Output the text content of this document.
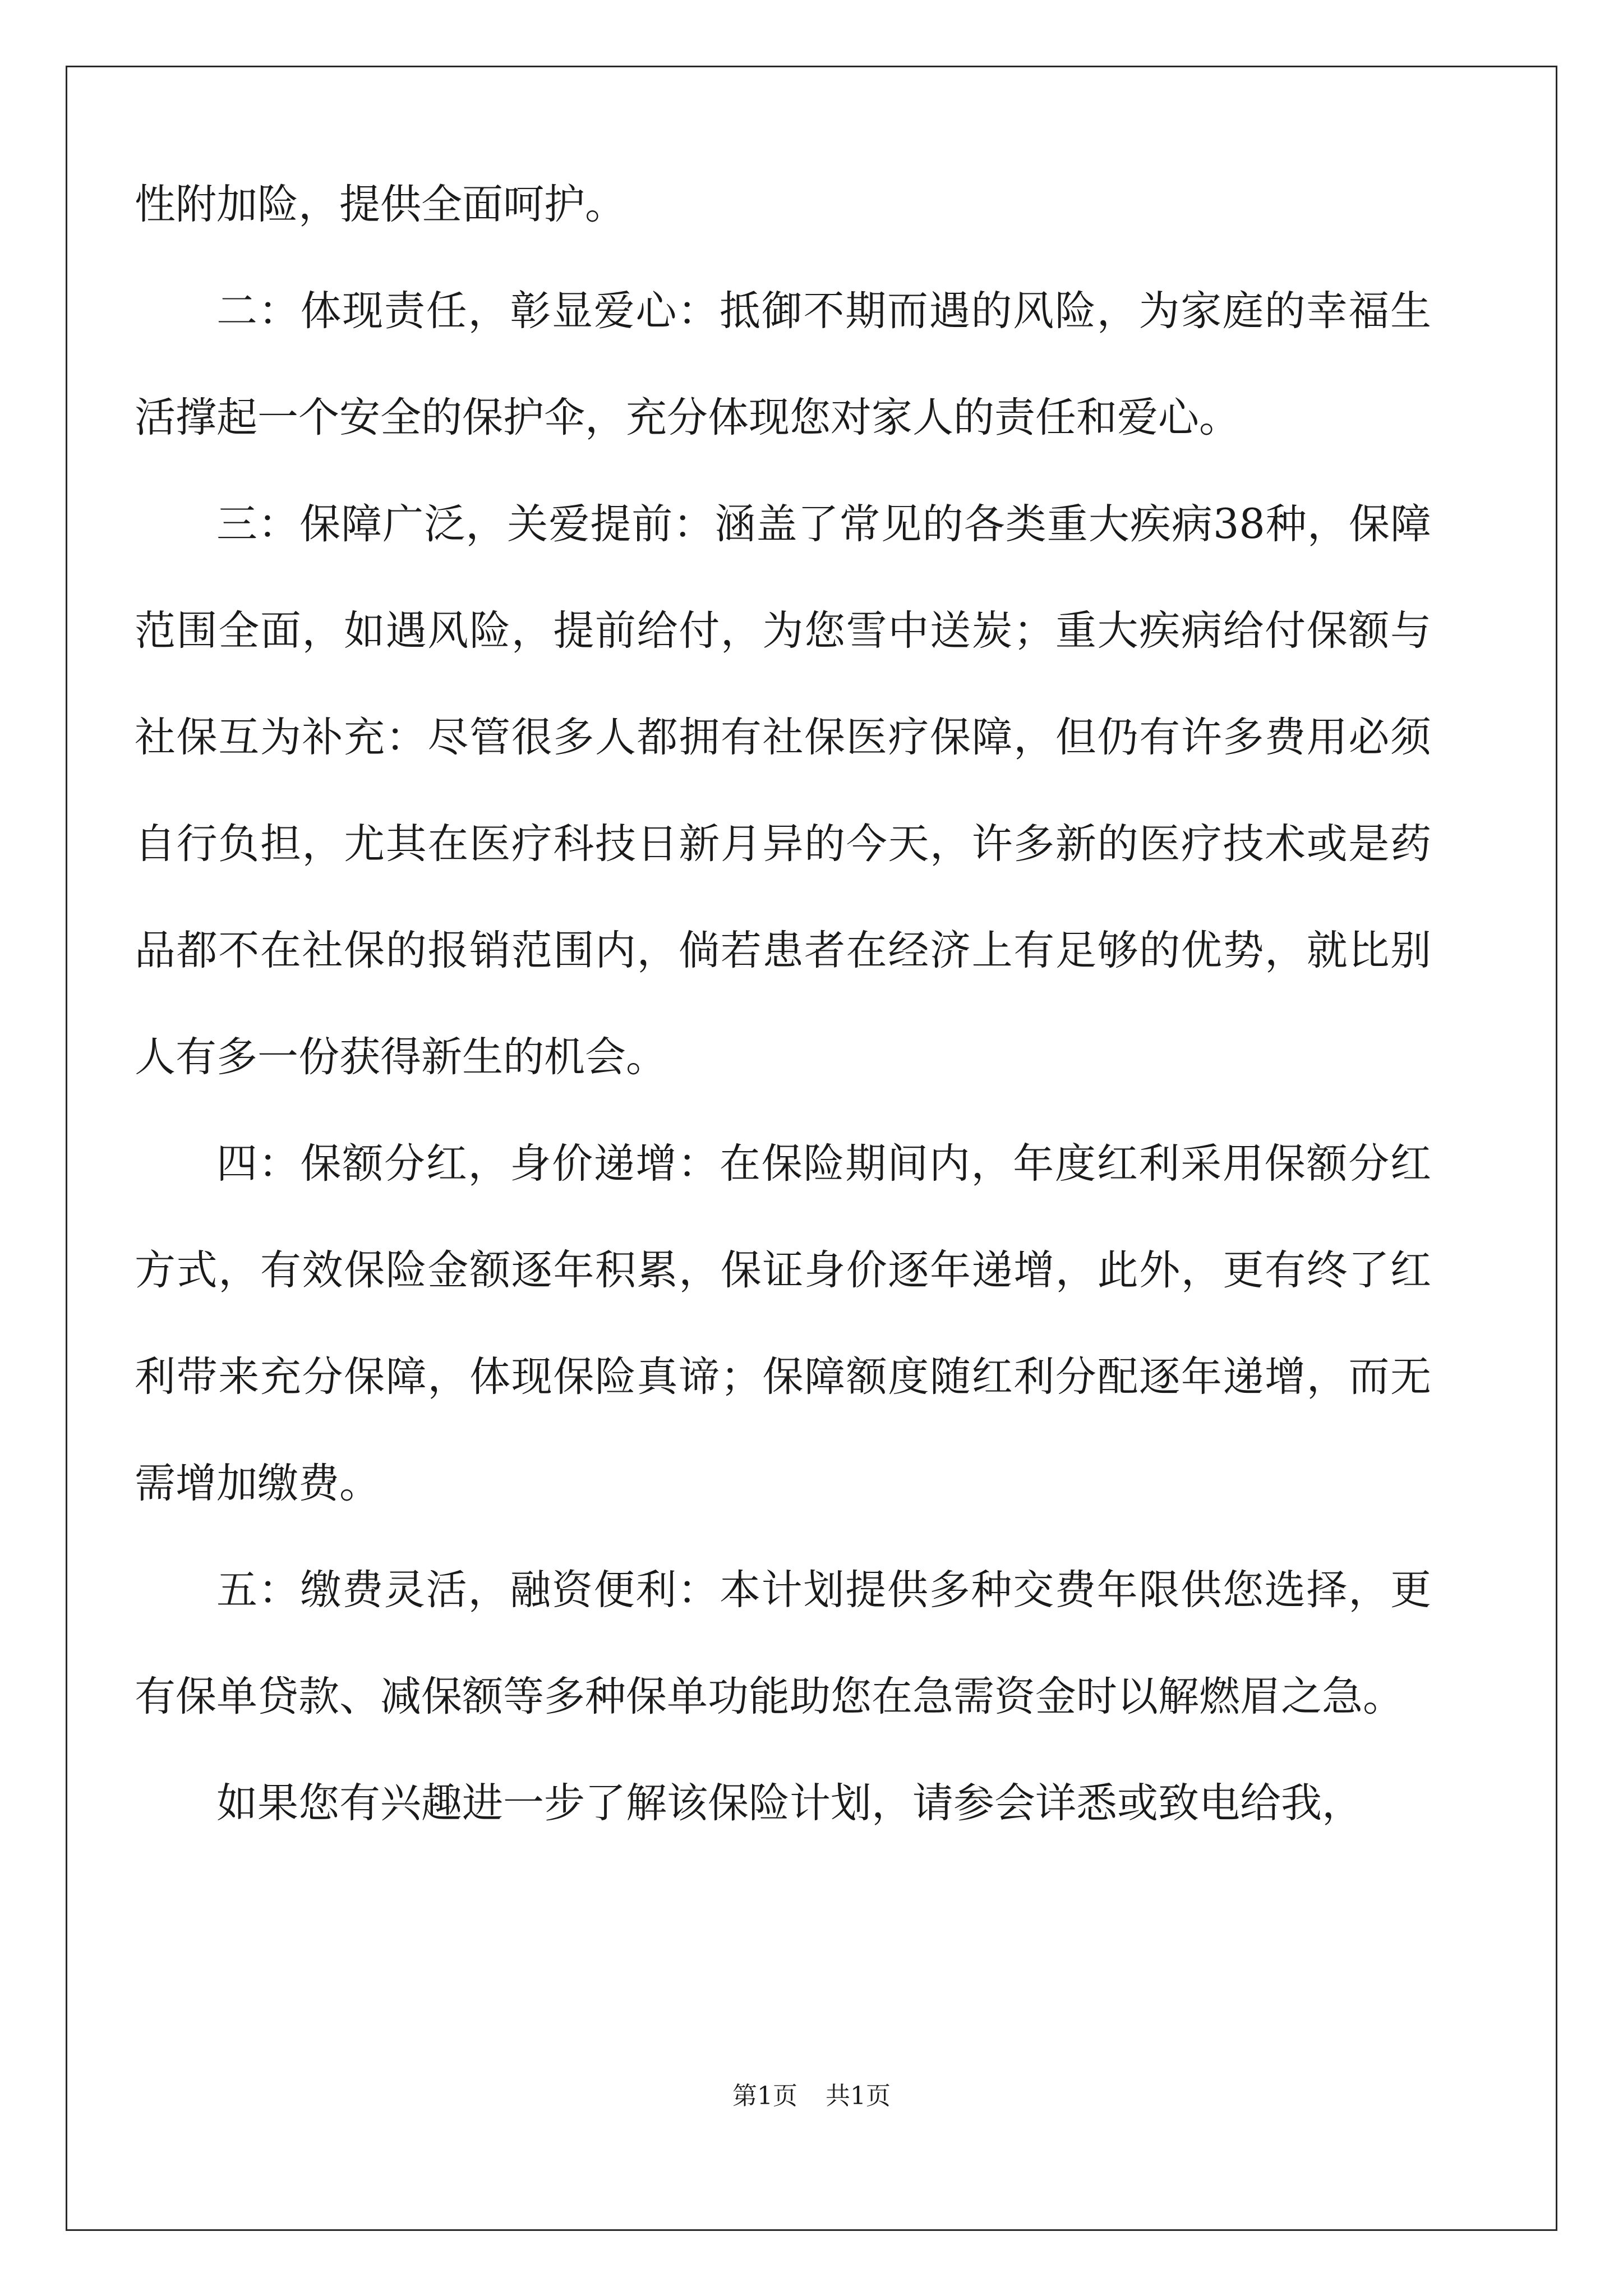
性附加险，提供全面呵护。

二：体现责任，彰显爱心：抵御不期而遇的风险，为家庭的幸福生活撑起一个安全的保护伞，充分体现您对家人的责任和爱心。

三：保障广泛，关爱提前：涵盖了常见的各类重大疾病38种，保障范围全面，如遇风险，提前给付，为您雪中送炭；重大疾病给付保额与社保互为补充：尽管很多人都拥有社保医疗保障，但仍有许多费用必须自行负担，尤其在医疗科技日新月异的今天，许多新的医疗技术或是药品都不在社保的报销范围内，倘若患者在经济上有足够的优势，就比别人有多一份获得新生的机会。

四：保额分红，身价递增：在保险期间内，年度红利采用保额分红方式，有效保险金额逐年积累，保证身价逐年递增，此外，更有终了红利带来充分保障，体现保险真谛；保障额度随红利分配逐年递增，而无需增加缴费。

五：缴费灵活，融资便利：本计划提供多种交费年限供您选择，更有保单贷款、减保额等多种保单功能助您在急需资金时以解燃眉之急。

如果您有兴趣进一步了解该保险计划，请参会详悉或致电给我，

第1页 共1页
